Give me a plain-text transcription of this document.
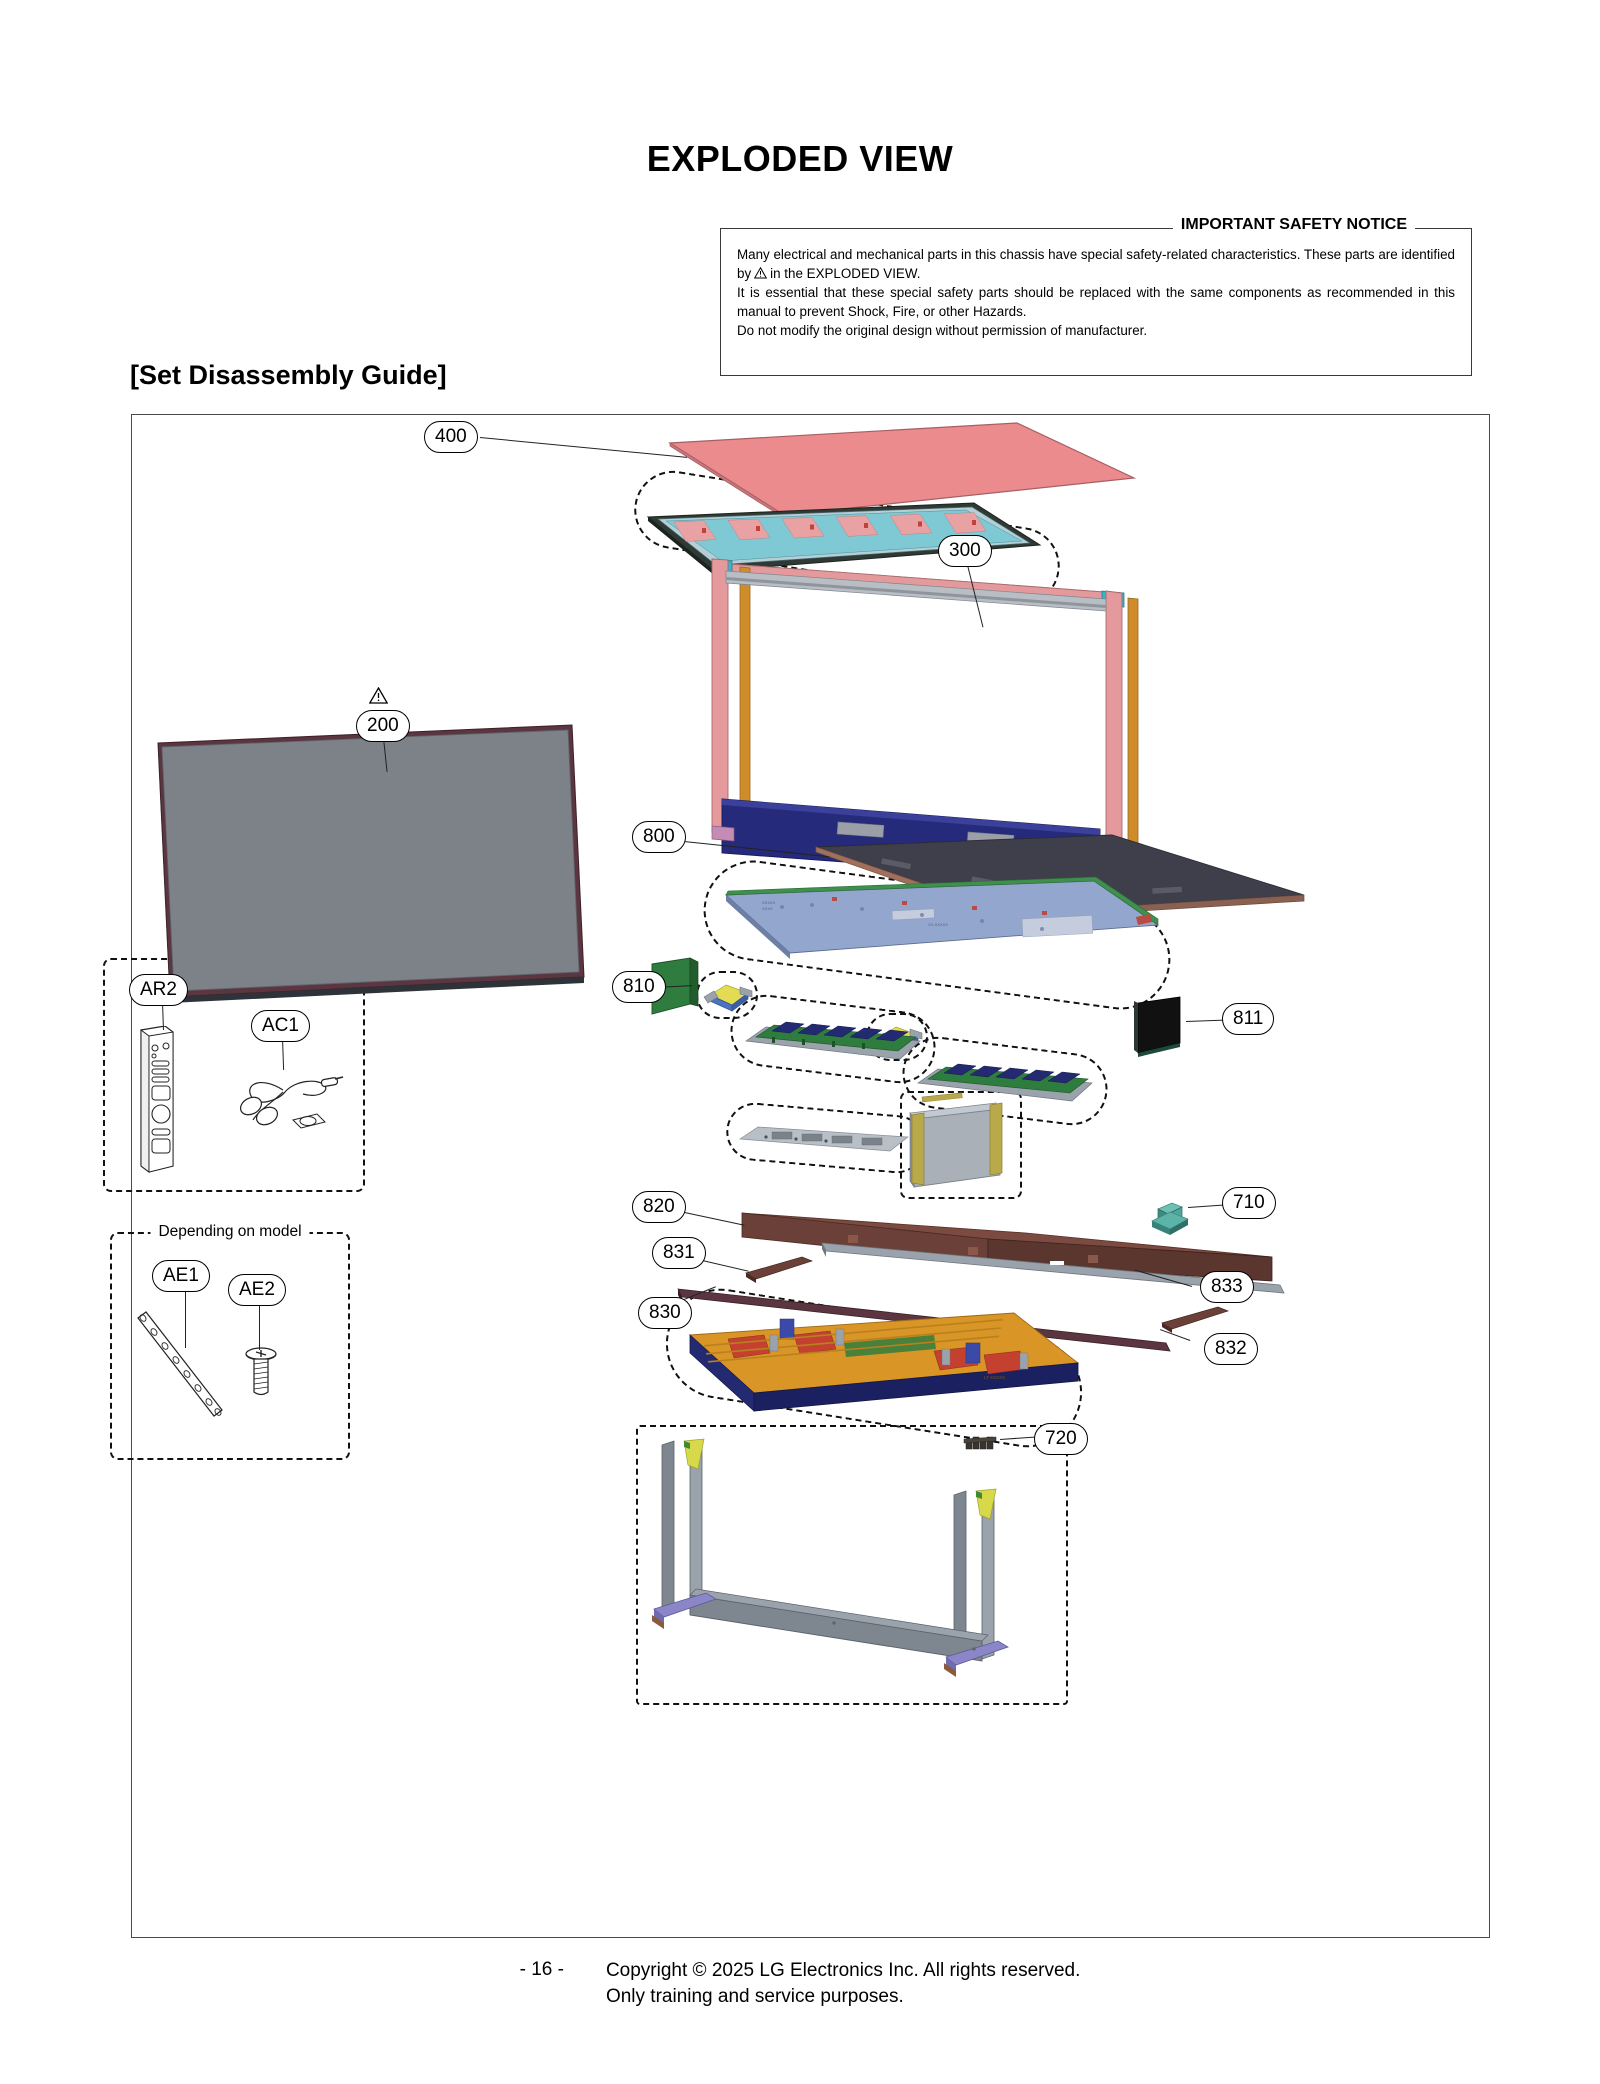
EXPLODED VIEW
IMPORTANT SAFETY NOTICE
Many electrical and mechanical parts in this chassis have special safety-related characteristics. These parts are identified by in the EXPLODED VIEW.
It is essential that these special safety parts should be replaced with the same components as recommended in this manual to prevent Shock, Fire, or other Hazards.
Do not modify the original design without permission of manufacturer.
[Set Disassembly Guide]
400
300
200
800
XXXXX
XXXX
XX-XXXXX
810
811
820	710
831
833
830
832
LT-XXXXX
720
AR2
AC1
Depending on model
AE1
AE2
- 16 - Copyright © 2025 LG Electronics Inc. All rights reserved.
Only training and service purposes.
